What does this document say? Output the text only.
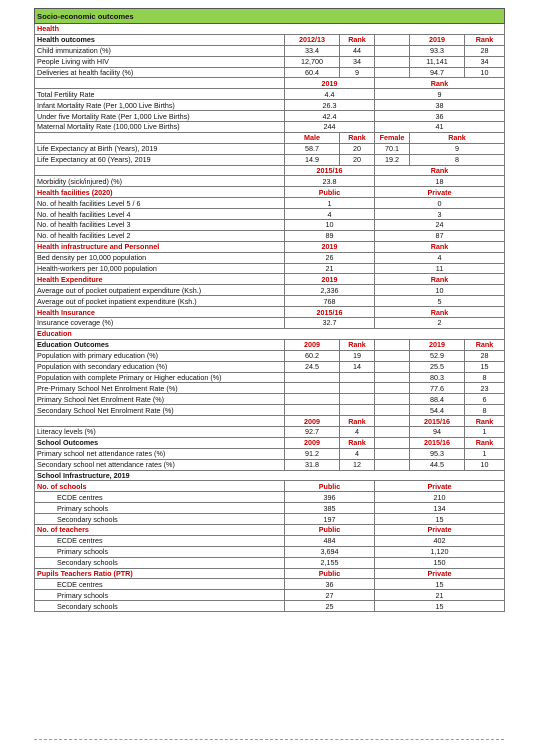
Socio-economic outcomes					
Health					
Health outcomes	2012/13	Rank		2019	Rank
Child immunization (%)	33.4	44		93.3	28
People Living with HIV	12,700	34		11,141	34
Deliveries at health facility (%)	60.4	9		94.7	10
	2019		Rank		
Total Fertility Rate	4.4		9		
Infant Mortality Rate (Per 1,000 Live Births)	26.3		38		
Under five Mortality Rate (Per 1,000 Live Births)	42.4		36		
Maternal Mortality Rate (100,000 Live Births)	244		41		
	Male	Rank	Female	Rank	
Life Expectancy at Birth (Years), 2019	58.7	20	70.1	9	
Life Expectancy at 60 (Years), 2019	14.9	20	19.2	8	
	2015/16		Rank		
Morbidity (sick/injured) (%)	23.8		18		
Health facilities (2020)	Public		Private		
No. of health facilities Level 5 / 6	1		0		
No. of health facilities Level 4	4		3		
No. of health facilities Level 3	10		24		
No. of health facilities Level 2	89		87		
Health infrastructure and Personnel	2019		Rank		
Bed density per 10,000 population	26		4		
Health-workers per 10,000 population	21		11		
Health Expenditure	2019		Rank		
Average out of pocket outpatient expenditure (Ksh.)	2,336		10		
Average out of pocket inpatient expenditure (Ksh.)	768		5		
Health Insurance	2015/16		Rank		
Insurance coverage (%)	32.7		2		
Education					
Education Outcomes	2009	Rank		2019	Rank
Population with primary education (%)	60.2	19		52.9	28
Population with secondary education (%)	24.5	14		25.5	15
Population with complete Primary or Higher education (%)				80.3	8
Pre-Primary School Net Enrolment Rate (%)				77.6	23
Primary School Net Enrolment Rate (%)				88.4	6
Secondary School Net Enrolment Rate (%)				54.4	8
	2009	Rank		2015/16	Rank
Literacy levels (%)	92.7	4		94	1
School Outcomes	2009	Rank		2015/16	Rank
Primary school net attendance rates (%)	91.2	4		95.3	1
Secondary school net attendance rates (%)	31.8	12		44.5	10
School Infrastructure, 2019					
No. of schools	Public		Private		
ECDE centres	396		210		
Primary schools	385		134		
Secondary schools	197		15		
No. of teachers	Public		Private		
ECDE centres	484		402		
Primary schools	3,694		1,120		
Secondary schools	2,155		150		
Pupils Teachers Ratio (PTR)	Public		Private		
ECDE centres	36		15		
Primary schools	27		21		
Secondary schools	25		15		
